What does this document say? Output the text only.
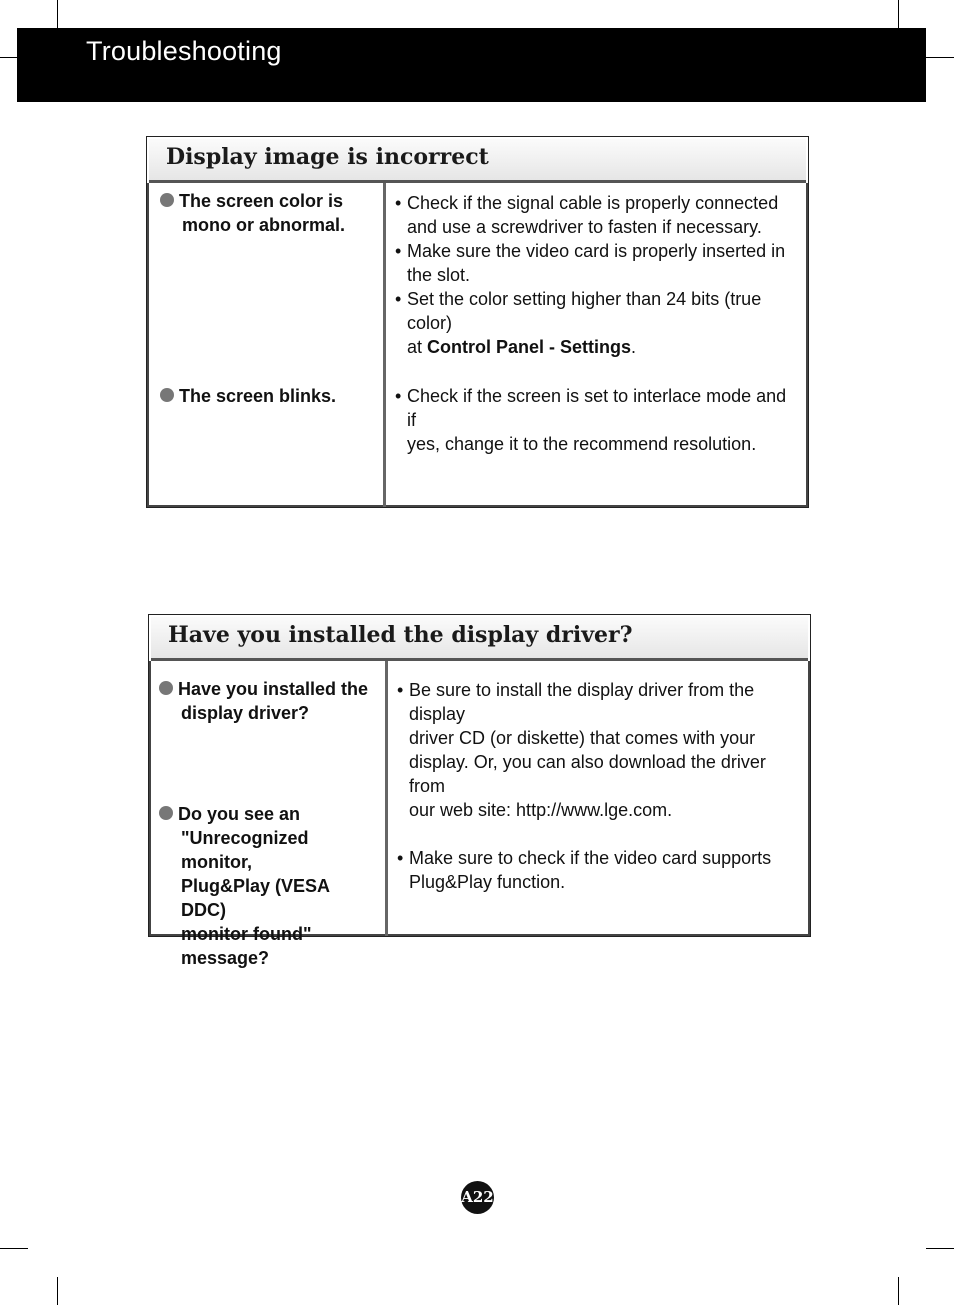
Troubleshooting
Display image is incorrect
The screen color is
mono or abnormal.

• Check if the signal cable is properly connected
and use a screwdriver to fasten if necessary.

• Make sure the video card is properly inserted in
the slot.

• Set the color setting higher than 24 bits (true color)
at Control Panel - Settings.

The screen blinks.	• Check if the screen is set to interlace mode and if
yes, change it to the recommend resolution.

Have you installed the display driver?
Have you installed the
display driver?

• Be sure to install the display driver from the display
driver CD (or diskette) that comes with your
display. Or, you can also download the driver from
our web site: http://www.lge.com.

• Make sure to check if the video card supports
Plug&Play function.

Do you see an
"Unrecognized monitor,
Plug&Play (VESA DDC)
monitor found"
message?
A22
